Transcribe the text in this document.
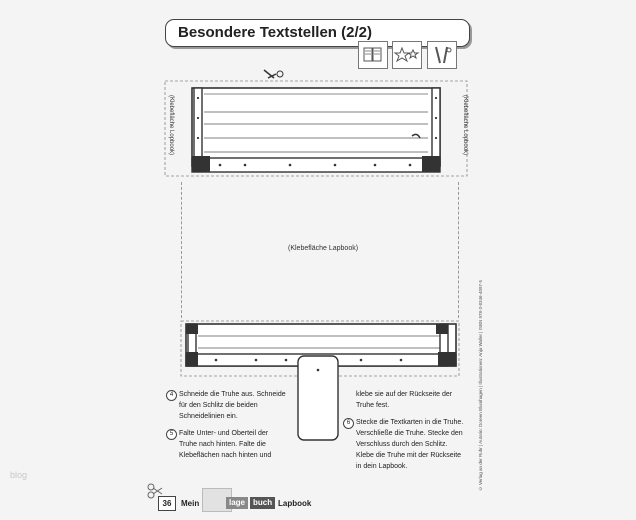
Besondere Textstellen (2/2)
(Klebefläche Lopbook)	(Klebefläche Lopbook)
(Klebefläche Lapbook)
4 Schneide die Truhe aus. Schneide
für den Schlitz die beiden
Schneidelinien ein.
5 Falte Unter- und Oberteil der
Truhe nach hinten. Falte die
Klebeflächen nach hinten und
klebe sie auf der Rückseite der
Truhe fest.
6 Stecke die Textkarten in die Truhe.
Verschließe die Truhe. Stecke den
Verschluss durch den Schlitz.
Klebe die Truhe mit der Rückseite
in dein Lapbook.	© Verlag an der Ruhr | Autorin: Doreen Blumhagen | Illustrationen: Anja Waller | ISBN 978-3-8346-4097-5
36	Mein	lage buch Lapbook
blog
